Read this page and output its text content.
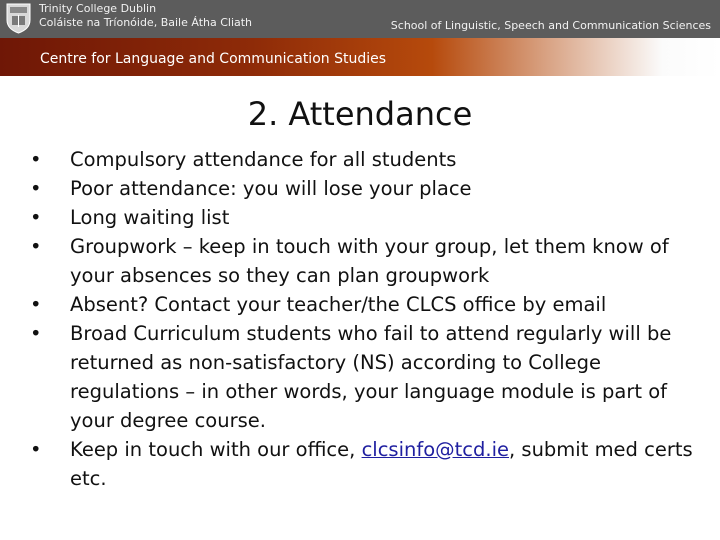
Trinity College Dublin
Coláiste na Tríonóide, Baile Átha Cliath	School of Linguistic, Speech and Communication Sciences
Centre for Language and Communication Studies
2. Attendance
• Compulsory attendance for all students
• Poor attendance: you will lose your place
• Long waiting list
• Groupwork – keep in touch with your group, let them know of your absences so they can plan groupwork
• Absent? Contact your teacher/the CLCS office by email
• Broad Curriculum students who fail to attend regularly will be returned as non-satisfactory (NS) according to College regulations – in other words, your language module is part of your degree course.
• Keep in touch with our office, clcsinfo@tcd.ie, submit med certs etc.
